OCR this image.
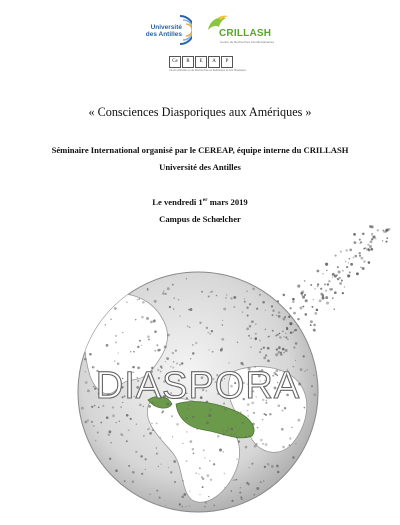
Université
des Antilles	CRILLASH
Centre de Recherches Interdisciplinaires
Ce	R	E	A	P
Centre d'Études et de Recherches en Esthétique et Arts Plastiques
« Consciences Diasporiques aux Amériques »
Séminaire International organisé par le CEREAP, équipe interne du CRILLASH
Université des Antilles
Le vendredi 1er mars 2019
Campus de Schœlcher
DIASPORA
